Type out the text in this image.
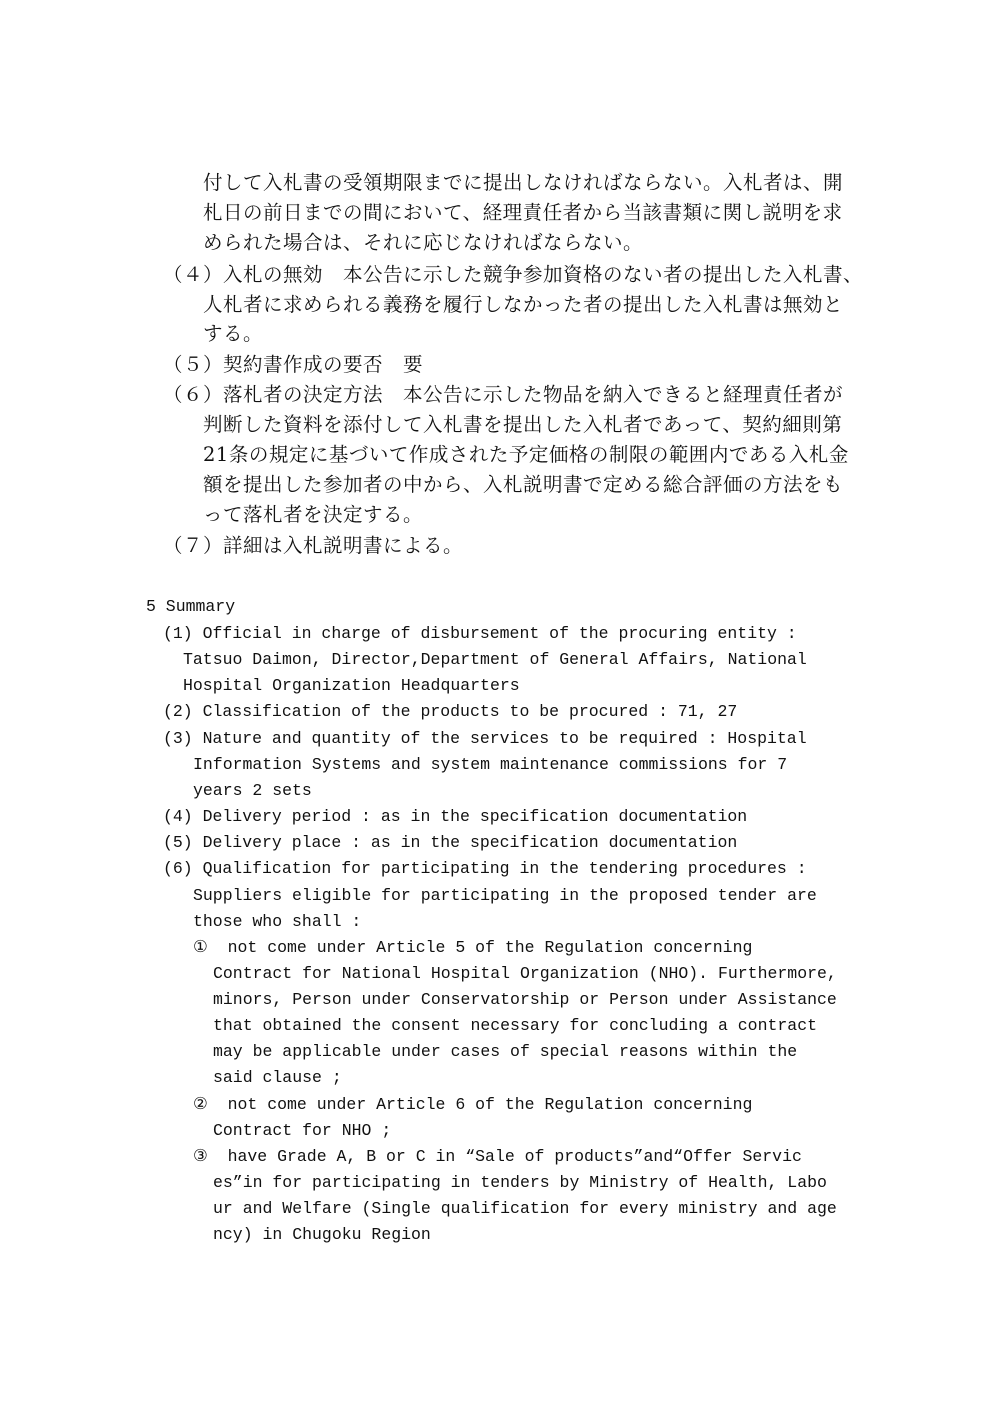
付して入札書の受領期限までに提出しなければならない。入札者は、開
札日の前日までの間において、経理責任者から当該書類に関し説明を求
められた場合は、それに応じなければならない。
（４）入札の無効　本公告に示した競争参加資格のない者の提出した入札書、
人札者に求められる義務を履行しなかった者の提出した入札書は無効と
する。
（５）契約書作成の要否　要
（６）落札者の決定方法　本公告に示した物品を納入できると経理責任者が
判断した資料を添付して入札書を提出した入札者であって、契約細則第
21条の規定に基づいて作成された予定価格の制限の範囲内である入札金
額を提出した参加者の中から、入札説明書で定める総合評価の方法をも
って落札者を決定する。
（７）詳細は入札説明書による。
5 Summary
(1) Official in charge of disbursement of the procuring entity :
Tatsuo Daimon, Director,Department of General Affairs, National
Hospital Organization Headquarters
(2) Classification of the products to be procured : 71, 27
(3) Nature and quantity of the services to be required : Hospital
Information Systems and system maintenance commissions for 7
years 2 sets
(4) Delivery period : as in the specification documentation
(5) Delivery place : as in the specification documentation
(6) Qualification for participating in the tendering procedures :
Suppliers eligible for participating in the proposed tender are
those who shall :
①  not come under Article 5 of the Regulation concerning
Contract for National Hospital Organization (NHO). Furthermore,
minors, Person under Conservatorship or Person under Assistance
that obtained the consent necessary for concluding a contract
may be applicable under cases of special reasons within the
said clause ;
②  not come under Article 6 of the Regulation concerning
Contract for NHO ;
③  have Grade A, B or C in “Sale of products”and“Offer Servic
es”in for participating in tenders by Ministry of Health, Labo
ur and Welfare (Single qualification for every ministry and age
ncy) in Chugoku Region
